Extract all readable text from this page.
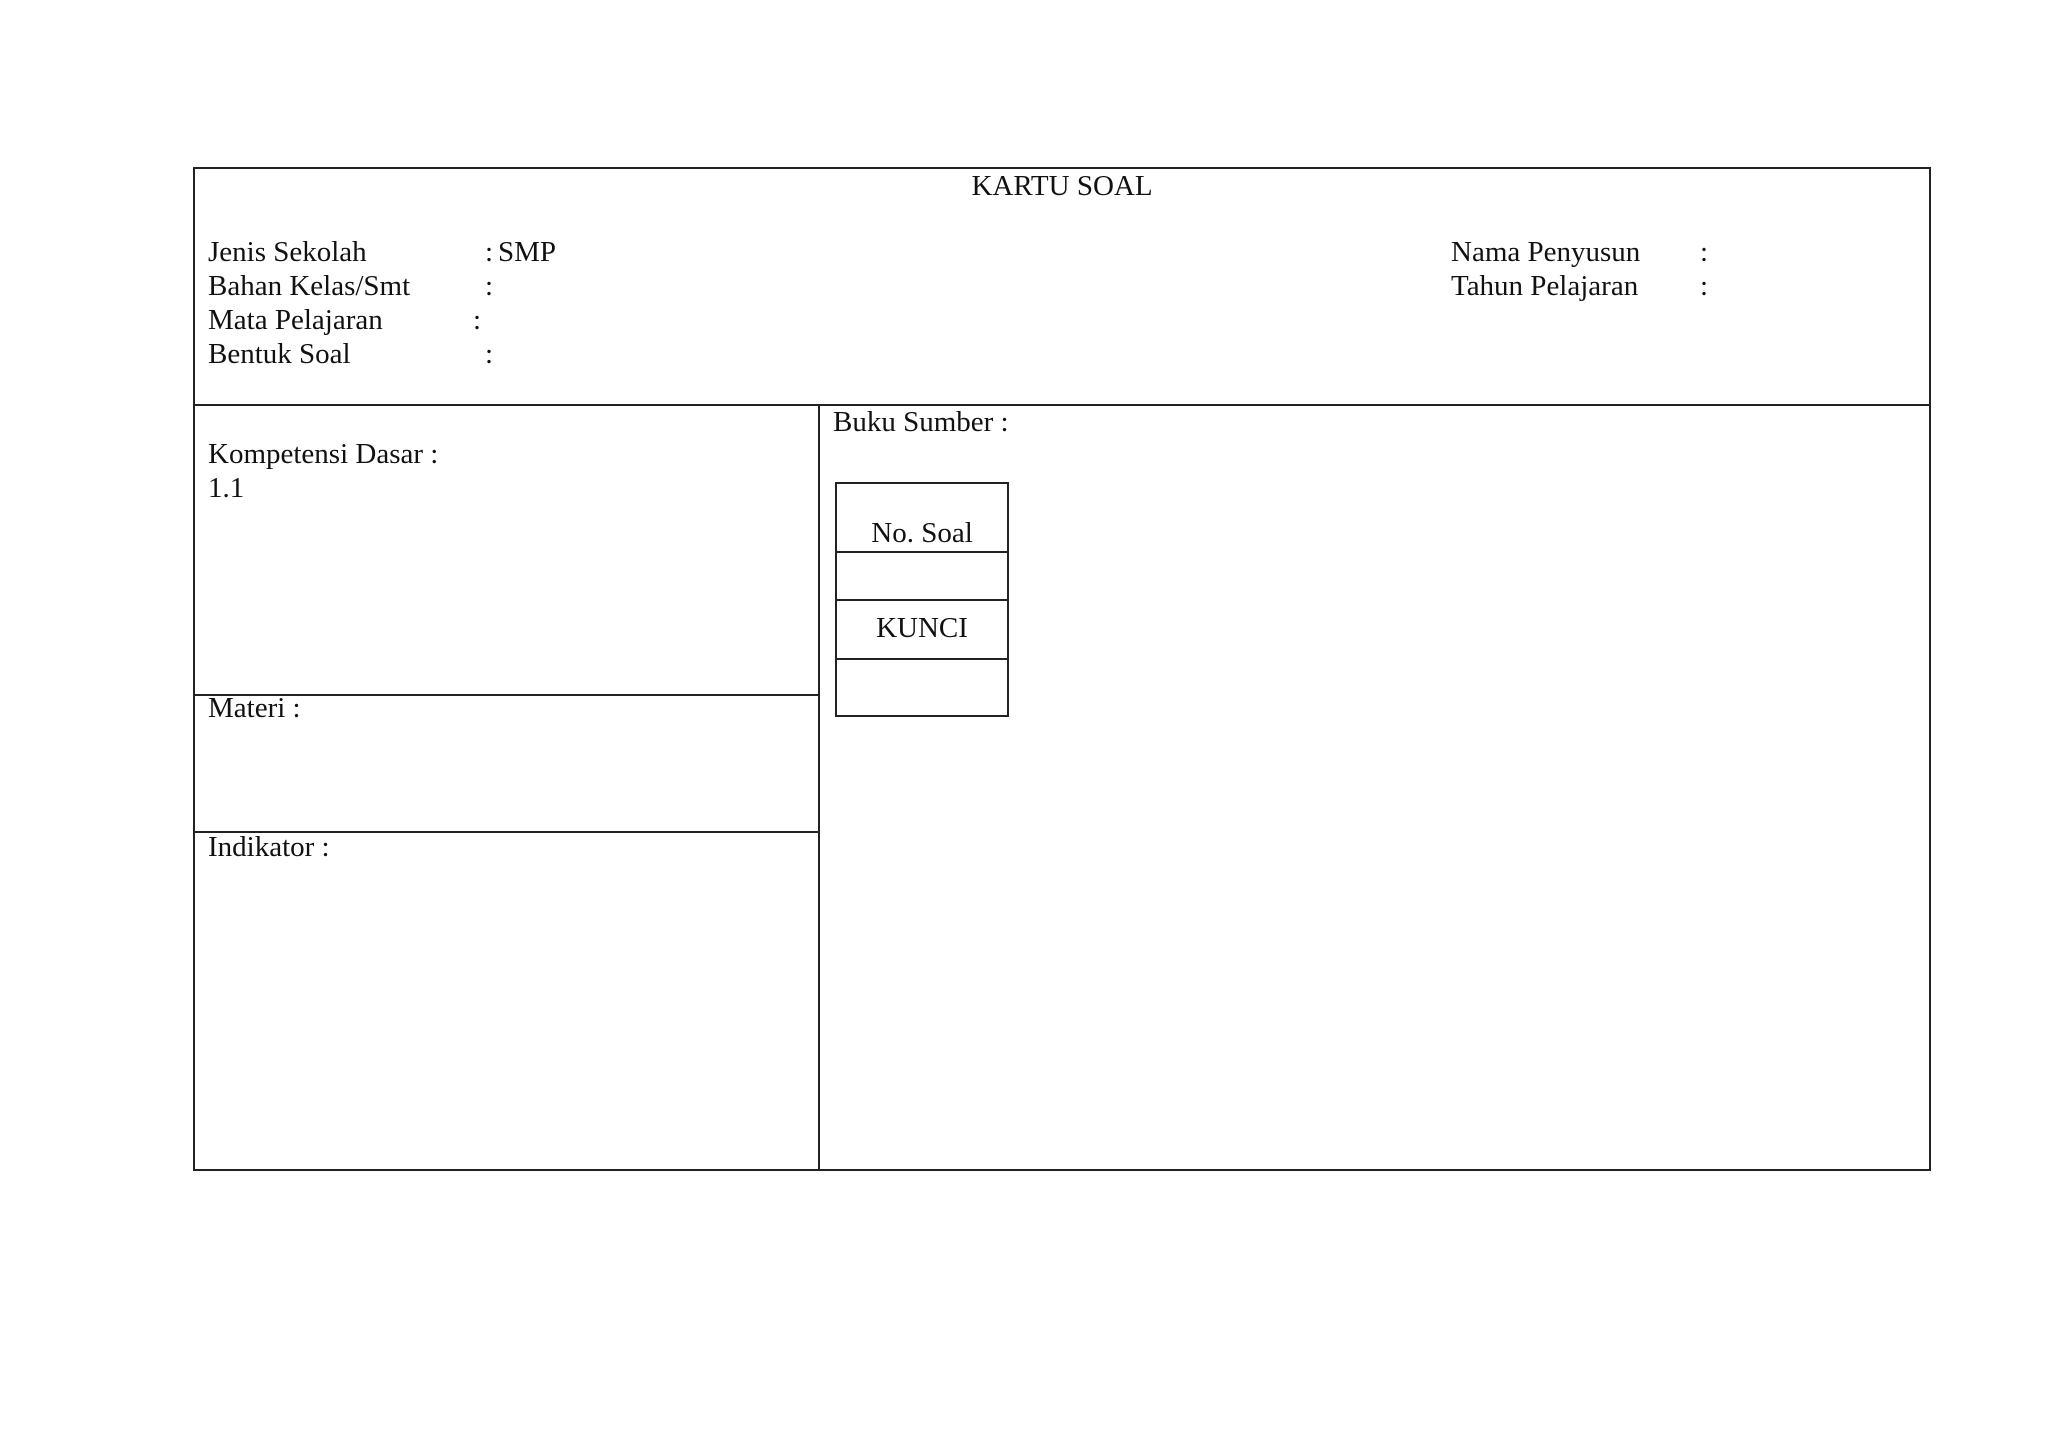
KARTU SOAL
Jenis Sekolah	: SMP
Bahan Kelas/Smt	:
Mata Pelajaran	:
Bentuk Soal	:
Nama Penyusun :
Tahun Pelajaran :
Kompetensi Dasar :
1.1
Materi :
Indikator :
Buku Sumber :
No. Soal
KUNCI
